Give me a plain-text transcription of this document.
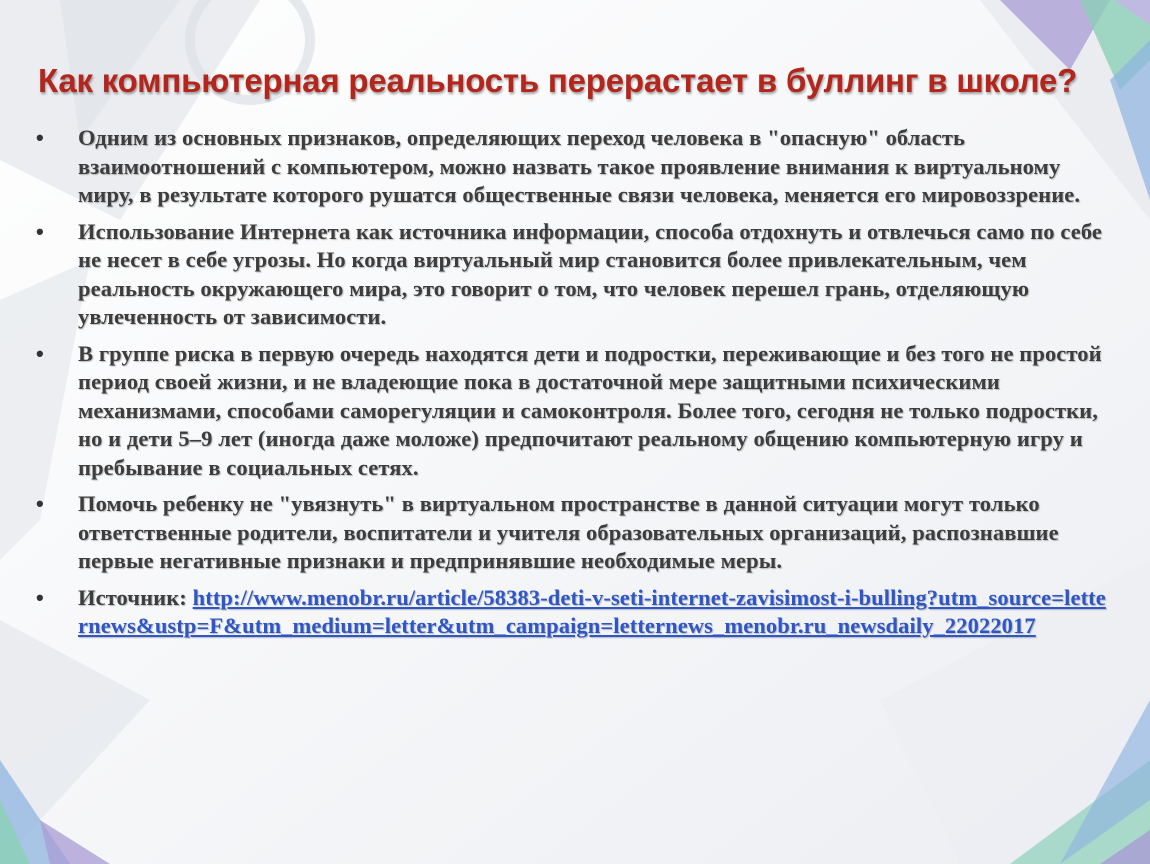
Как компьютерная реальность перерастает в буллинг в школе?
•	Одним из основных признаков, определяющих переход человека в "опасную" область взаимоотношений с компьютером, можно назвать такое проявление внимания к виртуальному миру, в результате которого рушатся общественные связи человека, меняется его мировоззрение.
•	Использование Интернета как источника информации, способа отдохнуть и отвлечься само по себе не несет в себе угрозы. Но когда виртуальный мир становится более привлекательным, чем реальность окружающего мира, это говорит о том, что человек перешел грань, отделяющую увлеченность от зависимости.
•	В группе риска в первую очередь находятся дети и подростки, переживающие и без того не простой период своей жизни, и не владеющие пока в достаточной мере защитными психическими механизмами, способами саморегуляции и самоконтроля. Более того, сегодня не только подростки, но и дети 5–9 лет (иногда даже моложе) предпочитают реальному общению компьютерную игру и пребывание в социальных сетях.
•	Помочь ребенку не "увязнуть" в виртуальном пространстве в данной ситуации могут только ответственные родители, воспитатели и учителя образовательных организаций, распознавшие первые негативные признаки и предпринявшие необходимые меры.
•	Источник: http://www.menobr.ru/article/58383-deti-v-seti-internet-zavisimost-i-bulling?utm_source=letternews&ustp=F&utm_medium=letter&utm_campaign=letternews_menobr.ru_newsdaily_22022017
